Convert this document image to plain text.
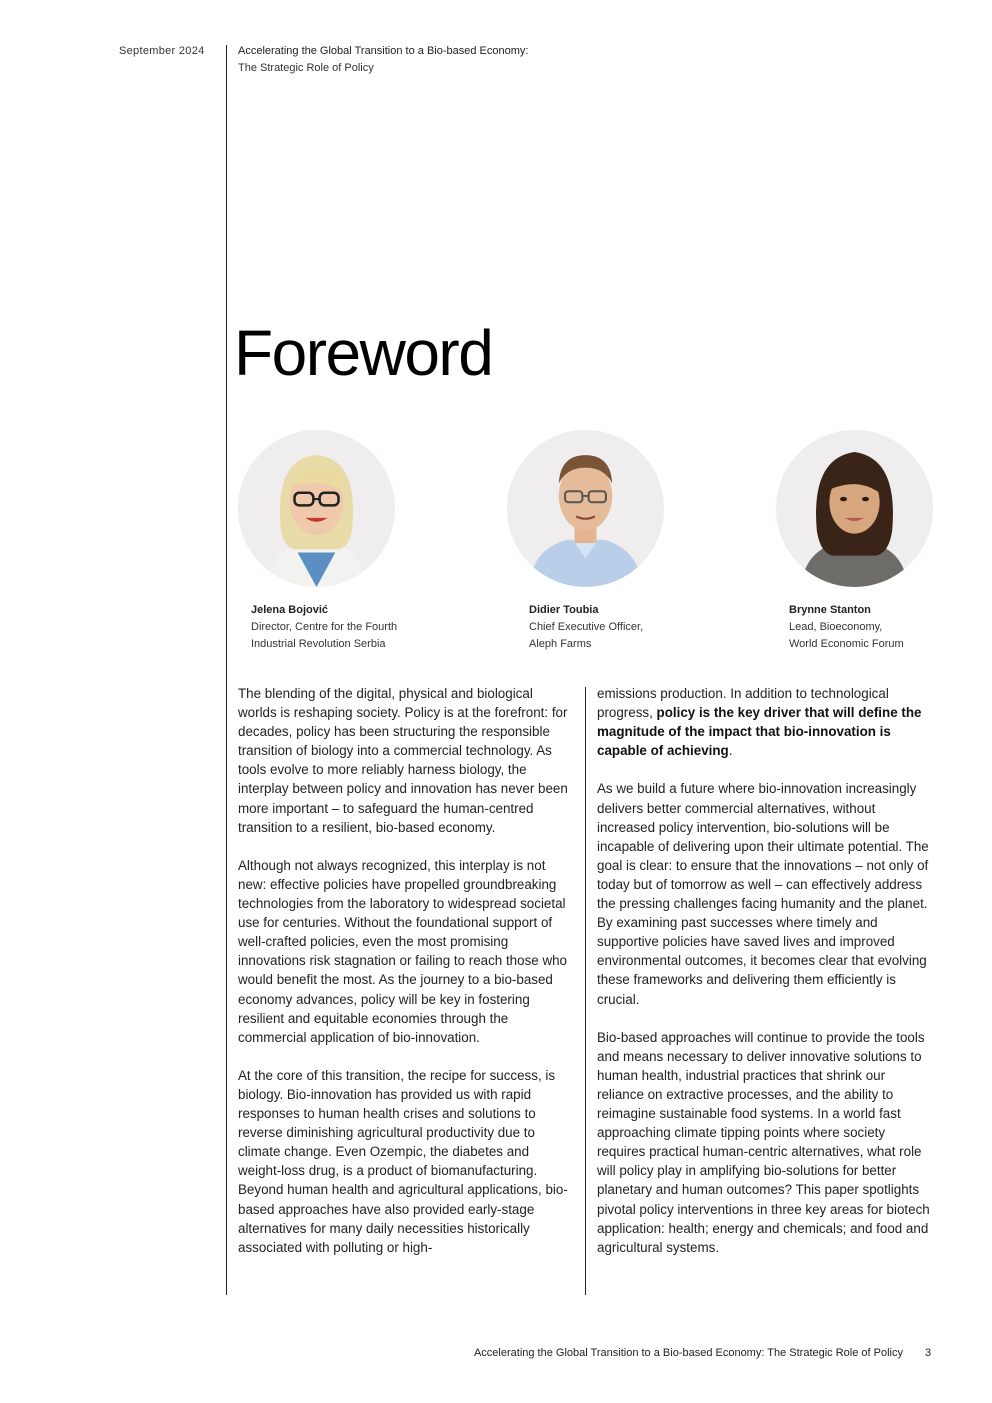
September 2024	Accelerating the Global Transition to a Bio-based Economy:
The Strategic Role of Policy
Foreword
Jelena Bojović
Director, Centre for the Fourth
Industrial Revolution Serbia
Didier Toubia
Chief Executive Officer,
Aleph Farms
Brynne Stanton
Lead, Bioeconomy,
World Economic Forum

The blending of the digital, physical and biological worlds is reshaping society. Policy is at the forefront: for decades, policy has been structuring the responsible transition of biology into a commercial technology. As tools evolve to more reliably harness biology, the interplay between policy and innovation has never been more important – to safeguard the human-centred transition to a resilient, bio-based economy.

Although not always recognized, this interplay is not new: effective policies have propelled groundbreaking technologies from the laboratory to widespread societal use for centuries. Without the foundational support of well-crafted policies, even the most promising innovations risk stagnation or failing to reach those who would benefit the most. As the journey to a bio-based economy advances, policy will be key in fostering resilient and equitable economies through the commercial application of bio-innovation.

At the core of this transition, the recipe for success, is biology. Bio-innovation has provided us with rapid responses to human health crises and solutions to reverse diminishing agricultural productivity due to climate change. Even Ozempic, the diabetes and weight-loss drug, is a product of biomanufacturing. Beyond human health and agricultural applications, bio-based approaches have also provided early-stage alternatives for many daily necessities historically associated with polluting or high-

emissions production. In addition to technological progress, policy is the key driver that will define the magnitude of the impact that bio-innovation is capable of achieving.

As we build a future where bio-innovation increasingly delivers better commercial alternatives, without increased policy intervention, bio-solutions will be incapable of delivering upon their ultimate potential. The goal is clear: to ensure that the innovations – not only of today but of tomorrow as well – can effectively address the pressing challenges facing humanity and the planet. By examining past successes where timely and supportive policies have saved lives and improved environmental outcomes, it becomes clear that evolving these frameworks and delivering them efficiently is crucial.

Bio-based approaches will continue to provide the tools and means necessary to deliver innovative solutions to human health, industrial practices that shrink our reliance on extractive processes, and the ability to reimagine sustainable food systems. In a world fast approaching climate tipping points where society requires practical human-centric alternatives, what role will policy play in amplifying bio-solutions for better planetary and human outcomes? This paper spotlights pivotal policy interventions in three key areas for biotech application: health; energy and chemicals; and food and agricultural systems.

Accelerating the Global Transition to a Bio-based Economy: The Strategic Role of Policy 3
